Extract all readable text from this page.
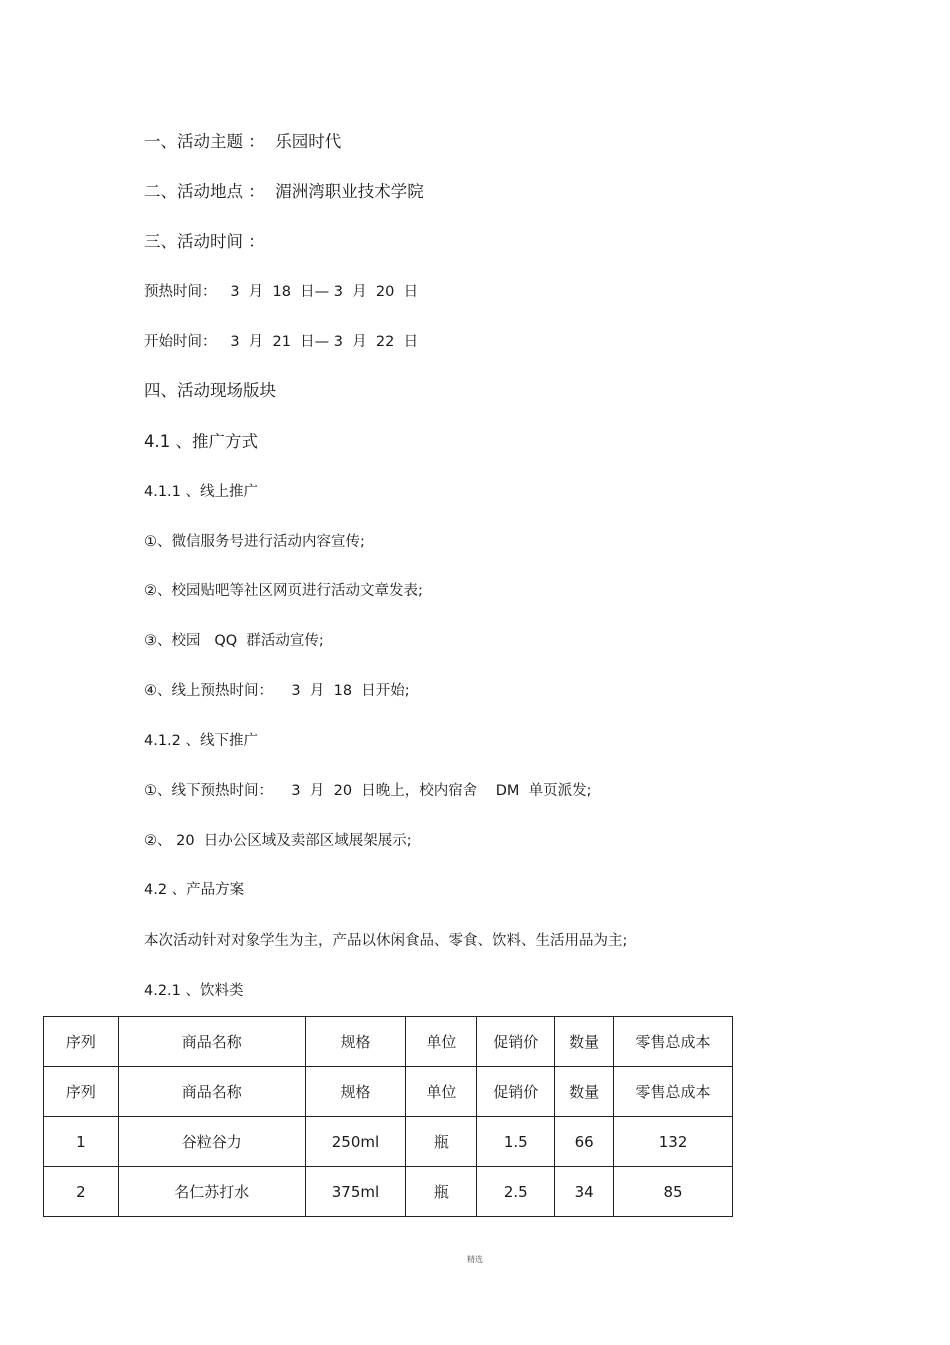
一、活动主题 ：  乐园时代

二、活动地点 ：  湄洲湾职业技术学院

三、活动时间 ：

预热时间：   3  月  18  日— 3  月  20  日

开始时间：   3  月  21  日— 3  月  22  日

四、活动现场版块

4.1 、推广方式

4.1.1 、线上推广

①、微信服务号进行活动内容宣传;

②、校园贴吧等社区网页进行活动文章发表;

③、校园   QQ  群活动宣传;

④、线上预热时间：    3  月  18  日开始;

4.1.2 、线下推广

①、线下预热时间：    3  月  20  日晚上，校内宿舍    DM  单页派发;

②、 20  日办公区域及卖部区域展架展示;

4.2 、产品方案

本次活动针对对象学生为主，产品以休闲食品、零食、饮料、生活用品为主;

4.2.1 、饮料类

序列	商品名称	规格	单位	促销价	数量	零售总成本
序列	商品名称	规格	单位	促销价	数量	零售总成本
1	谷粒谷力	250ml	瓶	1.5	66	132
2	名仁苏打水	375ml	瓶	2.5	34	85
精选
